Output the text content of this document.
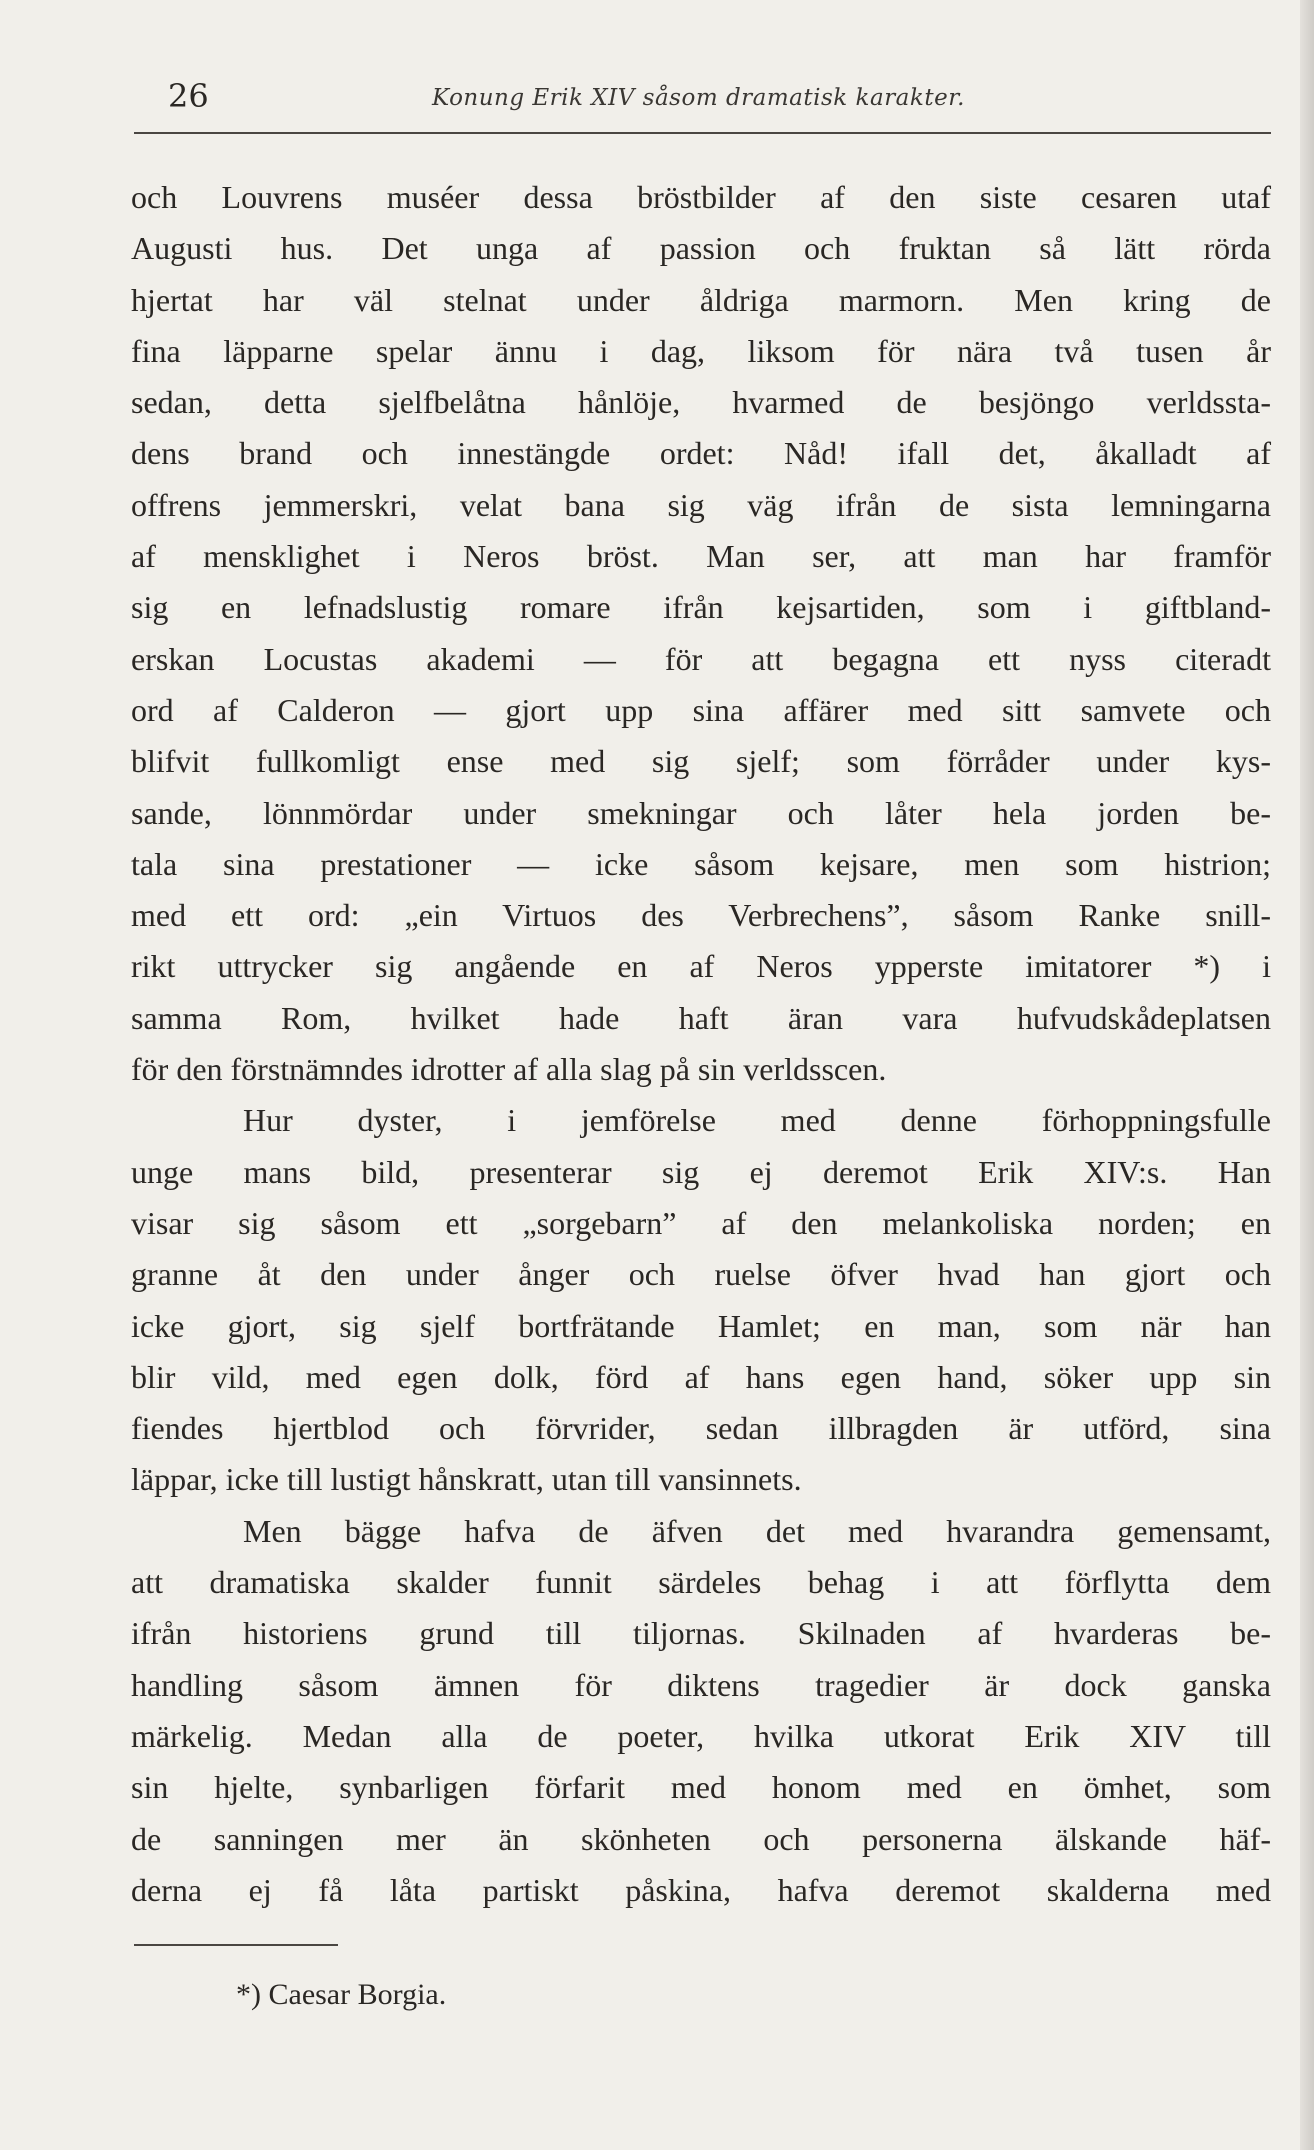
26	Konung Erik XIV såsom dramatisk karakter.
och Louvrens muséer dessa bröstbilder af den siste cesaren utaf
Augusti hus. Det unga af passion och fruktan så lätt rörda
hjertat har väl stelnat under åldriga marmorn. Men kring de
fina läpparne spelar ännu i dag, liksom för nära två tusen år
sedan, detta sjelfbelåtna hånlöje, hvarmed de besjöngo verldssta-
dens brand och innestängde ordet: Nåd! ifall det, åkalladt af
offrens jemmerskri, velat bana sig väg ifrån de sista lemningarna
af mensklighet i Neros bröst. Man ser, att man har framför
sig en lefnadslustig romare ifrån kejsartiden, som i giftbland-
erskan Locustas akademi — för att begagna ett nyss citeradt
ord af Calderon — gjort upp sina affärer med sitt samvete och
blifvit fullkomligt ense med sig sjelf; som förråder under kys-
sande, lönnmördar under smekningar och låter hela jorden be-
tala sina prestationer — icke såsom kejsare, men som histrion;
med ett ord: „ein Virtuos des Verbrechens”, såsom Ranke snill-
rikt uttrycker sig angående en af Neros ypperste imitatorer *) i
samma Rom, hvilket hade haft äran vara hufvudskådeplatsen
för den förstnämndes idrotter af alla slag på sin verldsscen.
Hur dyster, i jemförelse med denne förhoppningsfulle
unge mans bild, presenterar sig ej deremot Erik XIV:s. Han
visar sig såsom ett „sorgebarn” af den melankoliska norden; en
granne åt den under ånger och ruelse öfver hvad han gjort och
icke gjort, sig sjelf bortfrätande Hamlet; en man, som när han
blir vild, med egen dolk, förd af hans egen hand, söker upp sin
fiendes hjertblod och förvrider, sedan illbragden är utförd, sina
läppar, icke till lustigt hånskratt, utan till vansinnets.
Men bägge hafva de äfven det med hvarandra gemensamt,
att dramatiska skalder funnit särdeles behag i att förflytta dem
ifrån historiens grund till tiljornas. Skilnaden af hvarderas be-
handling såsom ämnen för diktens tragedier är dock ganska
märkelig. Medan alla de poeter, hvilka utkorat Erik XIV till
sin hjelte, synbarligen förfarit med honom med en ömhet, som
de sanningen mer än skönheten och personerna älskande häf-
derna ej få låta partiskt påskina, hafva deremot skalderna med
*) Caesar Borgia.
